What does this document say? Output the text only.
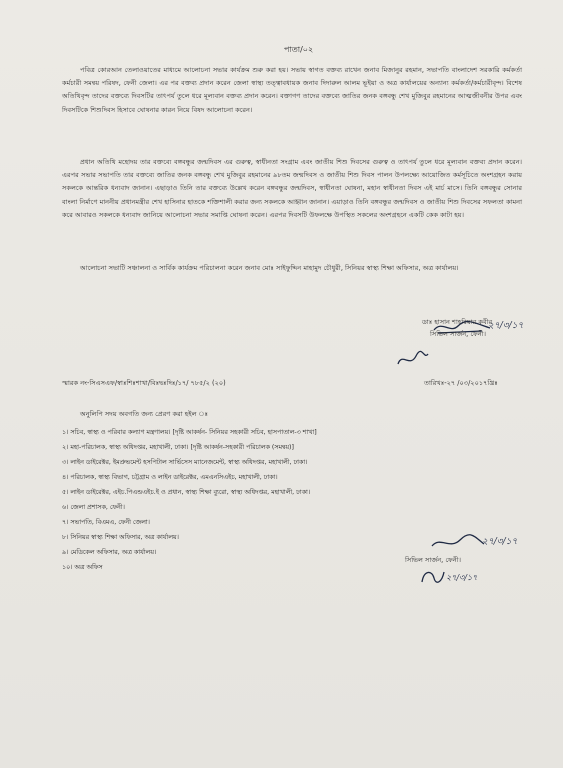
পাতা/০২
পবিত্র কোরআন তেলাওয়াতের মাধ্যমে আলোচনা সভার কার্যক্রম শুরু করা হয়। সভায় স্বাগত বক্তব্য রাখেন জনাব মিজানুর রহমান, সভাপতি বাংলাদেশ সরকারি কর্মকর্তা কর্মচারী সমন্বয় পরিষদ, ফেনী জেলা। এর পর বক্তব্য প্রদান করেন জেলা স্বাস্থ্য তত্ত্বাবধায়ক জনাব দিদারুল আলম ভূইয়া ও অত্র কার্যালয়ের অন্যান্য কর্মকর্তা/কর্মচারীবৃন্দ। বিশেষ অতিথিবৃন্দ তাদের বক্তব্যে দিবসটির তাৎপর্য তুলে ধরে মূল্যবান বক্তব্য প্রদান করেন। বক্তাগণ তাদের বক্তব্যে জাতির জনক বঙ্গবন্ধু শেখ মুজিবুর রহমানের আত্মজীবনীর উপর এবং দিবসটিকে শিশুদিবস হিসাবে ঘোষনার কারন নিয়ে বিষদ আলোচনা করেন।
প্রধান অতিথি মহোদয় তার বক্তব্যে বঙ্গবন্ধুর জন্মদিবস এর গুরুত্ব, স্বাধীনতা সংগ্রাম এবং জাতীয় শিশু দিবসের গুরুত্ব ও তাৎপর্য তুলে ধরে মূল্যবান বক্তব্য প্রদান করেন। এরপর সভার সভাপতি তার বক্তব্যে জাতির জনক বঙ্গবন্ধু শেখ মুজিবুর রহমানের ৯৮তম জন্মদিবস ও জাতীয় শিশু দিবস পালন উপলক্ষ্যে আয়োজিত কর্মসূচিতে অংশগ্রহন করায় সকলকে আন্তরিক ধন্যবাদ জানান। এছাড়াও তিনি তার বক্তব্যে উল্লেখ করেন বঙ্গবন্ধুর জন্মদিবস, স্বাধীনতা ঘোষনা, মহান স্বাধীনতা দিবস এই মার্চ মাসে। তিনি বঙ্গবন্ধুর সোনার বাংলা নির্মাণে মাননীয় প্রধানমন্ত্রীর শেখ হাসিনার হাতকে শক্তিশালী করার জন্য সকলকে আহ্বান জানান। এয়াড়াও তিনি বঙ্গবন্ধুর জন্মদিবস ও জাতীয় শিশু দিবসের সফলতা কামনা করে আবারও সকলকে ধন্যবাদ জানিয়ে আলোচনা সভার সমাপ্তি ঘোষনা করেন। এরপর দিবসটি উফলক্ষে উপস্থিত সকলের অংশগ্রহনে একটি কেক কাটা হয়।
আলোচনা সভাটি সঞ্চালনা ও সার্বিক কার্যক্রম পরিচালনা করেন জনাব মোঃ সাইফুদ্দিন মাহামুদ চৌধুরী, সিনিয়র স্বাস্থ্য শিক্ষা অফিসার, অত্র কার্যালয়।
২৭/৩/১৭
ডাঃ হাসান শাহরিয়ার কবীর
সিভিল সার্জন, ফেনী।
স্মারক নং-সিএসএফ/স্বাঃশিঃশাখা/বিঃদ্বঃদিঃ/১৭/ ৭৮৫/২ (২০)	তারিখঃ-২৭ /০৩/২০১৭খ্রিঃ
অনুলিপি সদয় অবগতি জন্য প্রেরণ করা হইল ঃ
১। সচিব, স্বাস্থ্য ও পরিবার কল্যাণ মন্ত্রণালয়। [দৃষ্টি আকর্ষন- সিনিয়র সহকারী সচিব, হাসপাতাল-৩ শাখা]
২। মহা-পরিচালক, স্বাস্থ্য অধিদপ্তর, মহাখালী, ঢাকা। [দৃষ্টি আকর্ষন-সহকারী পরিচালক (সমন্বয়)]
৩। লাইন ডাইরেক্টর, ইমপ্রুভমেন্ট হসপিটাল সার্ভিসেস ম্যানেজমেন্ট, স্বাস্থ্য অধিদপ্তর, মহাখালী, ঢাকা।
৪। পরিচালক, স্বাস্থ্য বিভাগ, চট্টগ্রাম ও লাইন ডাইরেক্টর, এমএনসিএইচ, মহাখালী, ঢাকা।
৫। লাইন ডাইরেক্টর, এইচ.পিএন্ডএইচ.ই ও প্রধান, স্বাস্থ্য শিক্ষা ব্যুরো, স্বাস্থ্য অধিদপ্তর, মহাখালী, ঢাকা।
৬। জেলা প্রশাসক, ফেনী।
৭। সভাপতি, বিএমএ, ফেনী জেলা।
৮। সিনিয়র স্বাস্থ্য শিক্ষা অফিসার, অত্র কার্যালয়।
৯। মেডিকেল অফিসার, অত্র কার্যালয়।
১০। অত্র অফিস
২৭/৩/১৭
সিভিল সার্জন, ফেনী।
২৭/৩/১৭
